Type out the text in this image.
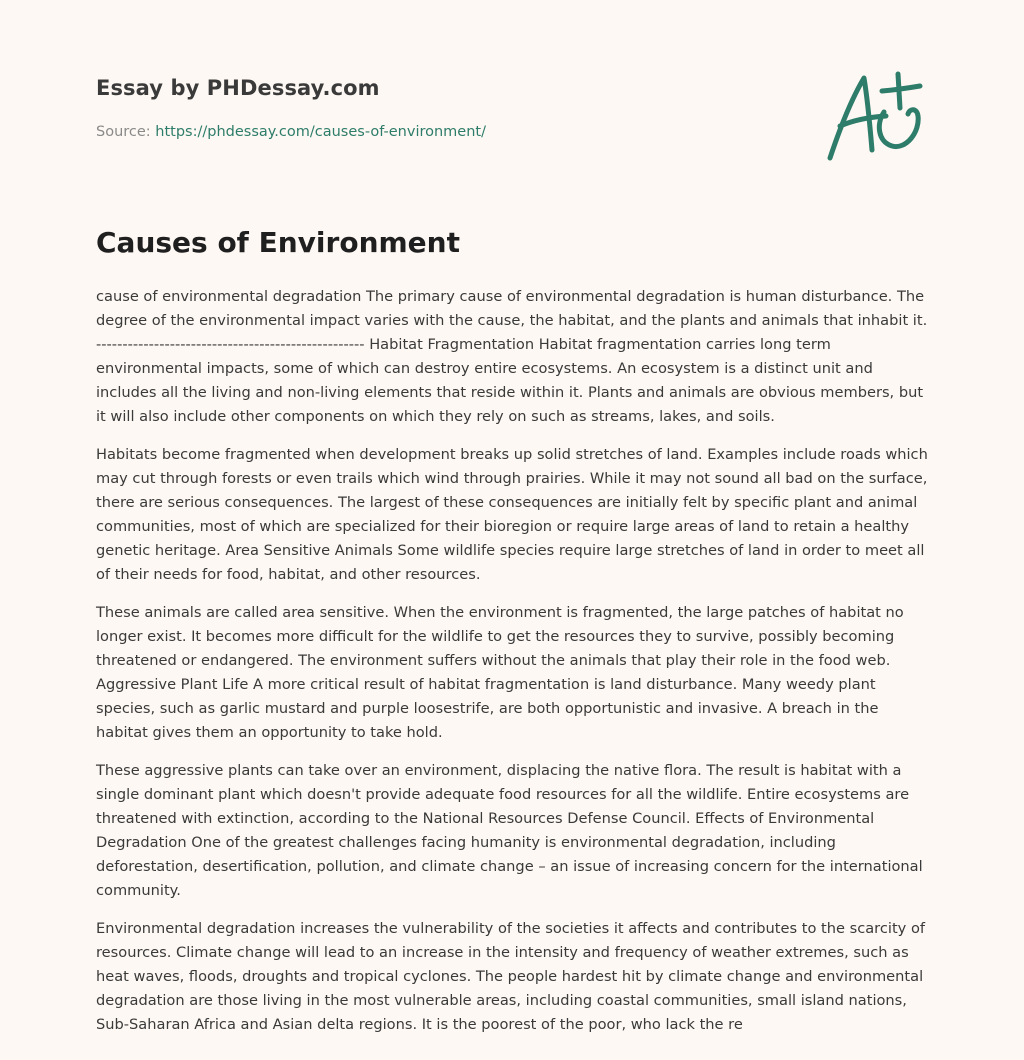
Essay by PHDessay.com
Source: https://phdessay.com/causes-of-environment/
Causes of Environment

cause of environmental degradation The primary cause of environmental degradation is human disturbance. The degree of the environmental impact varies with the cause, the habitat, and the plants and animals that inhabit it. --------------------------------------------------- Habitat Fragmentation Habitat fragmentation carries long term environmental impacts, some of which can destroy entire ecosystems. An ecosystem is a distinct unit and includes all the living and non-living elements that reside within it. Plants and animals are obvious members, but it will also include other components on which they rely on such as streams, lakes, and soils.

Habitats become fragmented when development breaks up solid stretches of land. Examples include roads which may cut through forests or even trails which wind through prairies. While it may not sound all bad on the surface, there are serious consequences. The largest of these consequences are initially felt by specific plant and animal communities, most of which are specialized for their bioregion or require large areas of land to retain a healthy genetic heritage. Area Sensitive Animals Some wildlife species require large stretches of land in order to meet all of their needs for food, habitat, and other resources.

These animals are called area sensitive. When the environment is fragmented, the large patches of habitat no longer exist. It becomes more difficult for the wildlife to get the resources they to survive, possibly becoming threatened or endangered. The environment suffers without the animals that play their role in the food web. Aggressive Plant Life A more critical result of habitat fragmentation is land disturbance. Many weedy plant species, such as garlic mustard and purple loosestrife, are both opportunistic and invasive. A breach in the habitat gives them an opportunity to take hold.

These aggressive plants can take over an environment, displacing the native flora. The result is habitat with a single dominant plant which doesn't provide adequate food resources for all the wildlife. Entire ecosystems are threatened with extinction, according to the National Resources Defense Council. Effects of Environmental Degradation One of the greatest challenges facing humanity is environmental degradation, including deforestation, desertification, pollution, and climate change – an issue of increasing concern for the international community.

Environmental degradation increases the vulnerability of the societies it affects and contributes to the scarcity of resources. Climate change will lead to an increase in the intensity and frequency of weather extremes, such as heat waves, floods, droughts and tropical cyclones. The people hardest hit by climate change and environmental degradation are those living in the most vulnerable areas, including coastal communities, small island nations, Sub-Saharan Africa and Asian delta regions. It is the poorest of the poor, who lack the re
